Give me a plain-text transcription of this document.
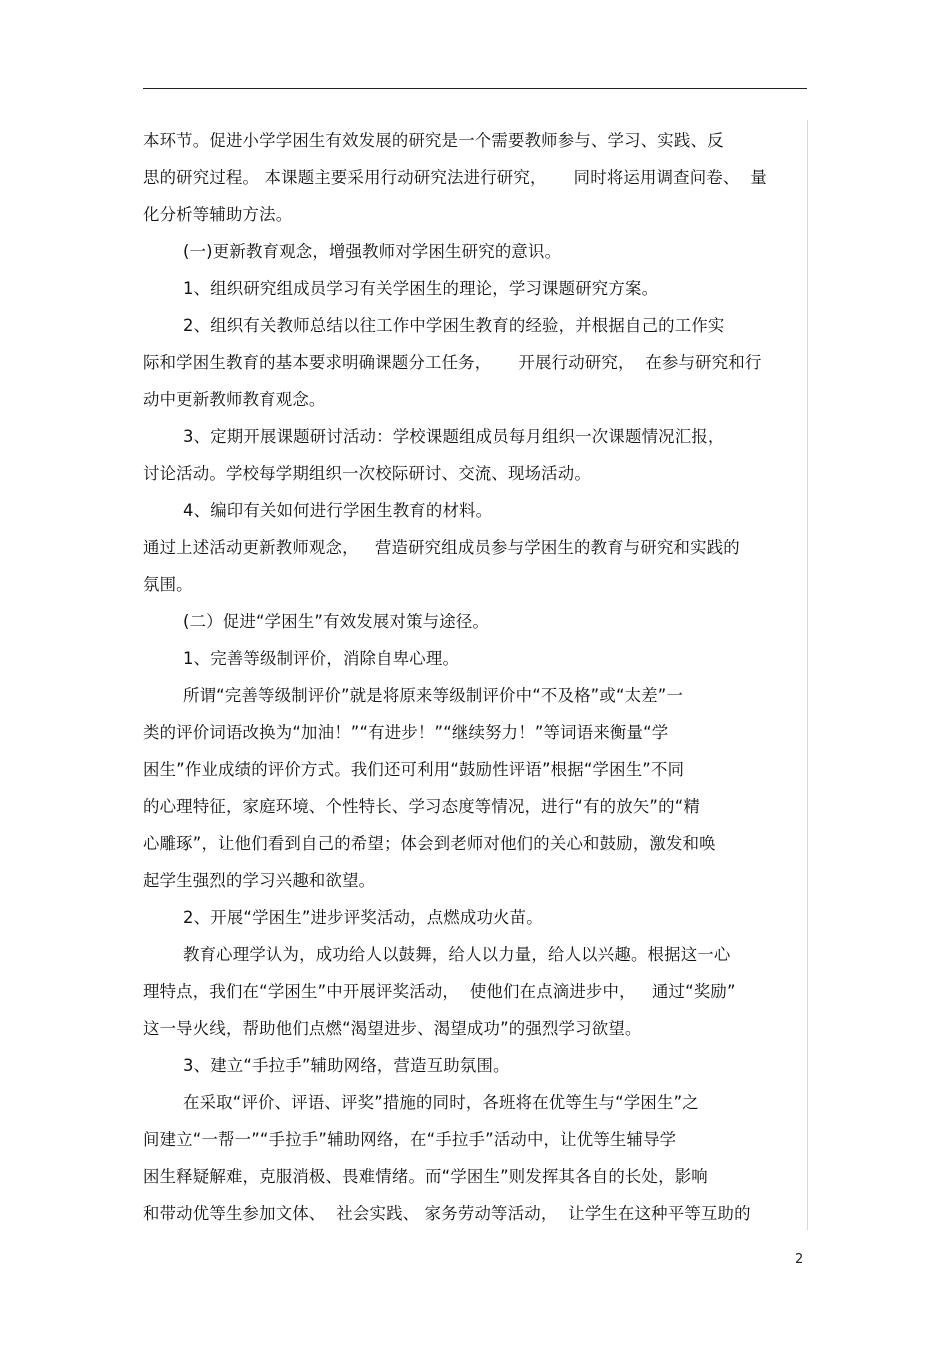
本环节。促进小学学困生有效发展的研究是一个需要教师参与、学习、实践、反
思的研究过程。 本课题主要采用行动研究法进行研究，     同时将运用调查问卷、  量
化分析等辅助方法。
(一)更新教育观念，增强教师对学困生研究的意识。
1、组织研究组成员学习有关学困生的理论，学习课题研究方案。
2、组织有关教师总结以往工作中学困生教育的经验，并根据自己的工作实
际和学困生教育的基本要求明确课题分工任务，     开展行动研究，  在参与研究和行
动中更新教师教育观念。
3、定期开展课题研讨活动：学校课题组成员每月组织一次课题情况汇报，
讨论活动。学校每学期组织一次校际研讨、交流、现场活动。
4、编印有关如何进行学困生教育的材料。
通过上述活动更新教师观念，   营造研究组成员参与学困生的教育与研究和实践的
氛围。
(二）促进“学困生”有效发展对策与途径。
1、完善等级制评价，消除自卑心理。
所谓“完善等级制评价”就是将原来等级制评价中“不及格”或“太差”一
类的评价词语改换为“加油！”“有进步！”“继续努力！”等词语来衡量“学
困生”作业成绩的评价方式。我们还可利用“鼓励性评语”根据“学困生”不同
的心理特征，家庭环境、个性特长、学习态度等情况，进行“有的放矢”的“精
心雕琢”，让他们看到自己的希望；体会到老师对他们的关心和鼓励，激发和唤
起学生强烈的学习兴趣和欲望。
2、开展“学困生”进步评奖活动，点燃成功火苗。
教育心理学认为，成功给人以鼓舞，给人以力量，给人以兴趣。根据这一心
理特点，我们在“学困生”中开展评奖活动，  使他们在点滴进步中，   通过“奖励”
这一导火线，帮助他们点燃“渴望进步、渴望成功”的强烈学习欲望。
3、建立“手拉手”辅助网络，营造互助氛围。
在采取“评价、评语、评奖”措施的同时，各班将在优等生与“学困生”之
间建立“一帮一”“手拉手”辅助网络，在“手拉手”活动中，让优等生辅导学
困生释疑解难，克服消极、畏难情绪。而“学困生”则发挥其各自的长处，影响
和带动优等生参加文体、  社会实践、 家务劳动等活动，  让学生在这种平等互助的
2
